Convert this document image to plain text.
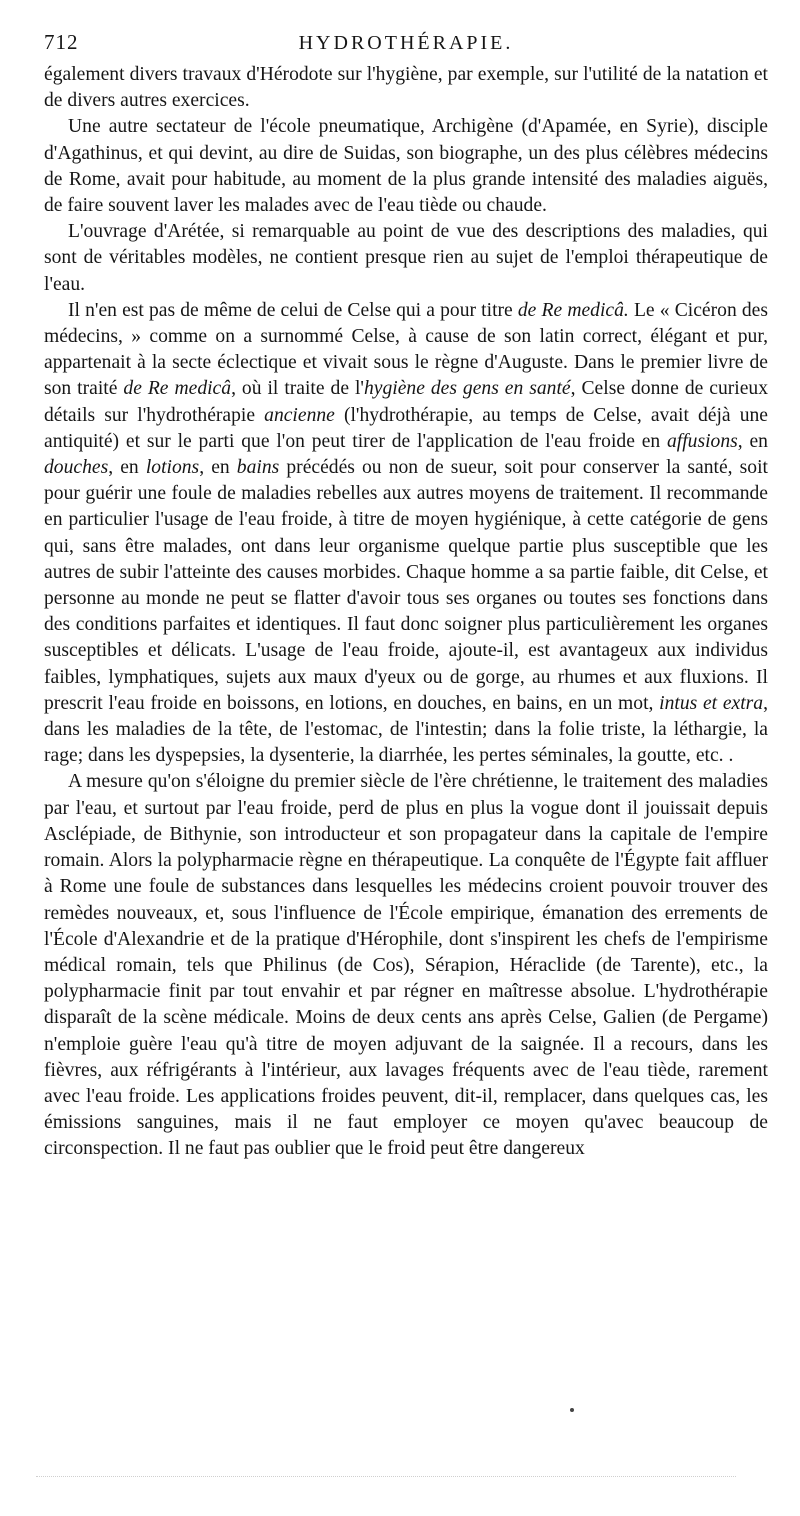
712	HYDROTHÉRAPIE.

également divers travaux d'Hérodote sur l'hygiène, par exemple, sur l'utilité de la natation et de divers autres exercices.

Une autre sectateur de l'école pneumatique, Archigène (d'Apamée, en Syrie), disciple d'Agathinus, et qui devint, au dire de Suidas, son biographe, un des plus célèbres médecins de Rome, avait pour habitude, au moment de la plus grande intensité des maladies aiguës, de faire souvent laver les malades avec de l'eau tiède ou chaude.

L'ouvrage d'Arétée, si remarquable au point de vue des descriptions des maladies, qui sont de véritables modèles, ne contient presque rien au sujet de l'emploi thérapeutique de l'eau.

Il n'en est pas de même de celui de Celse qui a pour titre de Re medicâ. Le « Cicéron des médecins, » comme on a surnommé Celse, à cause de son latin correct, élégant et pur, appartenait à la secte éclectique et vivait sous le règne d'Auguste. Dans le premier livre de son traité de Re medicâ, où il traite de l'hygiène des gens en santé, Celse donne de curieux détails sur l'hydrothérapie ancienne (l'hydrothérapie, au temps de Celse, avait déjà une antiquité) et sur le parti que l'on peut tirer de l'application de l'eau froide en affusions, en douches, en lotions, en bains précédés ou non de sueur, soit pour conserver la santé, soit pour guérir une foule de maladies rebelles aux autres moyens de traitement. Il recommande en particulier l'usage de l'eau froide, à titre de moyen hygiénique, à cette catégorie de gens qui, sans être malades, ont dans leur organisme quelque partie plus susceptible que les autres de subir l'atteinte des causes morbides. Chaque homme a sa partie faible, dit Celse, et personne au monde ne peut se flatter d'avoir tous ses organes ou toutes ses fonctions dans des conditions parfaites et identiques. Il faut donc soigner plus particulièrement les organes susceptibles et délicats. L'usage de l'eau froide, ajoute-il, est avantageux aux individus faibles, lymphatiques, sujets aux maux d'yeux ou de gorge, au rhumes et aux fluxions. Il prescrit l'eau froide en boissons, en lotions, en douches, en bains, en un mot, intus et extra, dans les maladies de la tête, de l'estomac, de l'intestin; dans la folie triste, la léthargie, la rage; dans les dyspepsies, la dysenterie, la diarrhée, les pertes séminales, la goutte, etc. .

A mesure qu'on s'éloigne du premier siècle de l'ère chrétienne, le traitement des maladies par l'eau, et surtout par l'eau froide, perd de plus en plus la vogue dont il jouissait depuis Asclépiade, de Bithynie, son introducteur et son propagateur dans la capitale de l'empire romain. Alors la polypharmacie règne en thérapeutique. La conquête de l'Égypte fait affluer à Rome une foule de substances dans lesquelles les médecins croient pouvoir trouver des remèdes nouveaux, et, sous l'influence de l'École empirique, émanation des errements de l'École d'Alexandrie et de la pratique d'Hérophile, dont s'inspirent les chefs de l'empirisme médical romain, tels que Philinus (de Cos), Sérapion, Héraclide (de Tarente), etc., la polypharmacie finit par tout envahir et par régner en maîtresse absolue. L'hydrothérapie disparaît de la scène médicale. Moins de deux cents ans après Celse, Galien (de Pergame) n'emploie guère l'eau qu'à titre de moyen adjuvant de la saignée. Il a recours, dans les fièvres, aux réfrigérants à l'intérieur, aux lavages fréquents avec de l'eau tiède, rarement avec l'eau froide. Les applications froides peuvent, dit-il, remplacer, dans quelques cas, les émissions sanguines, mais il ne faut employer ce moyen qu'avec beaucoup de circonspection. Il ne faut pas oublier que le froid peut être dangereux
